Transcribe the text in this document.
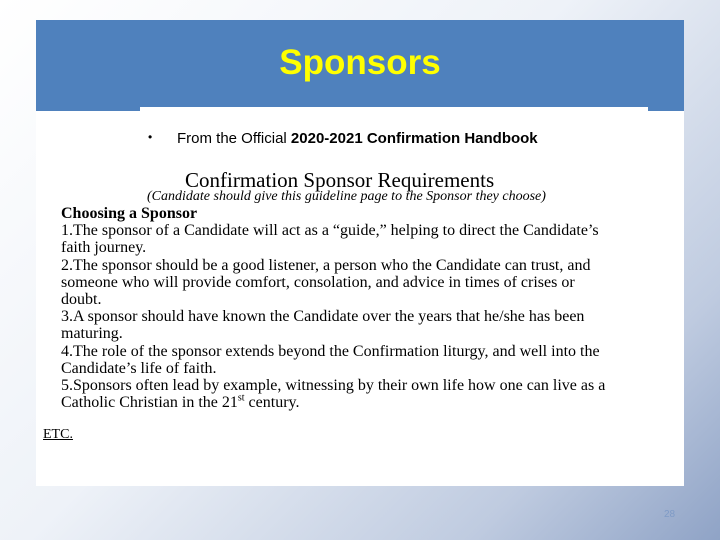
Sponsors
• From the Official 2020-2021 Confirmation Handbook
Confirmation Sponsor Requirements
(Candidate should give this guideline page to the Sponsor they choose)
Choosing a Sponsor
1.The sponsor of a Candidate will act as a “guide,” helping to direct the Candidate’s
faith journey.
2.The sponsor should be a good listener, a person who the Candidate can trust, and
someone who will provide comfort, consolation, and advice in times of crises or
doubt.
3.A sponsor should have known the Candidate over the years that he/she has been
maturing.
4.The role of the sponsor extends beyond the Confirmation liturgy, and well into the
Candidate’s life of faith.
5.Sponsors often lead by example, witnessing by their own life how one can live as a
Catholic Christian in the 21st century.
ETC.
28
